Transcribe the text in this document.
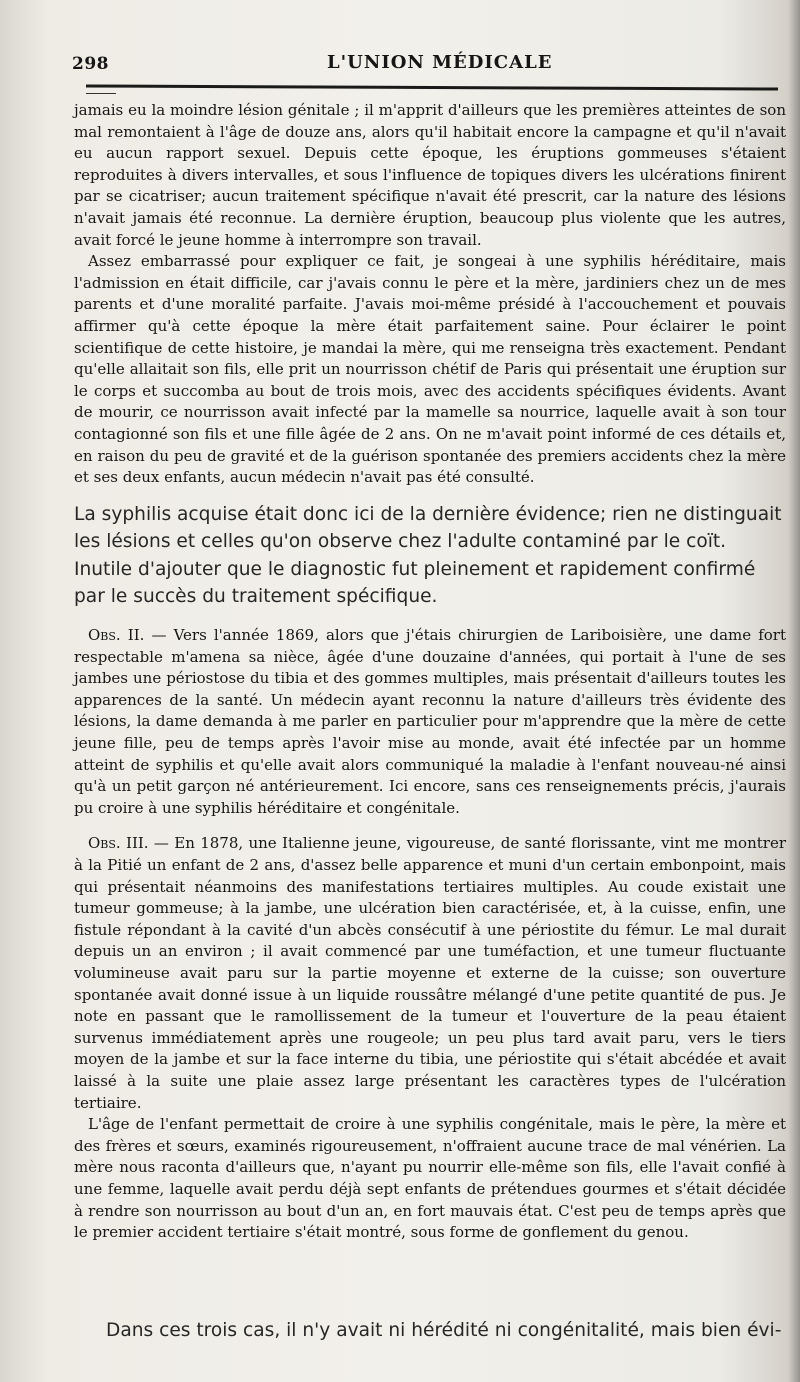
298	L'UNION MÉDICALE

jamais eu la moindre lésion génitale ; il m'apprit d'ailleurs que les premières atteintes de son mal remontaient à l'âge de douze ans, alors qu'il habitait encore la campagne et qu'il n'avait eu aucun rapport sexuel. Depuis cette époque, les éruptions gommeuses s'étaient reproduites à divers intervalles, et sous l'influence de topiques divers les ulcérations finirent par se cicatriser; aucun traitement spécifique n'avait été prescrit, car la nature des lésions n'avait jamais été reconnue. La dernière éruption, beaucoup plus violente que les autres, avait forcé le jeune homme à interrompre son travail.

Assez embarrassé pour expliquer ce fait, je songeai à une syphilis héréditaire, mais l'admission en était difficile, car j'avais connu le père et la mère, jardiniers chez un de mes parents et d'une moralité parfaite. J'avais moi-même présidé à l'accouchement et pouvais affirmer qu'à cette époque la mère était parfaitement saine. Pour éclairer le point scientifique de cette histoire, je mandai la mère, qui me renseigna très exactement. Pendant qu'elle allaitait son fils, elle prit un nourrisson chétif de Paris qui présentait une éruption sur le corps et succomba au bout de trois mois, avec des accidents spécifiques évidents. Avant de mourir, ce nourrisson avait infecté par la mamelle sa nourrice, laquelle avait à son tour contagionné son fils et une fille âgée de 2 ans. On ne m'avait point informé de ces détails et, en raison du peu de gravité et de la guérison spontanée des premiers accidents chez la mère et ses deux enfants, aucun médecin n'avait pas été consulté.

La syphilis acquise était donc ici de la dernière évidence; rien ne distinguait les lésions et celles qu'on observe chez l'adulte contaminé par le coït. Inutile d'ajouter que le diagnostic fut pleinement et rapidement confirmé par le succès du traitement spécifique.

Obs. II. — Vers l'année 1869, alors que j'étais chirurgien de Lariboisière, une dame fort respectable m'amena sa nièce, âgée d'une douzaine d'années, qui portait à l'une de ses jambes une périostose du tibia et des gommes multiples, mais présentait d'ailleurs toutes les apparences de la santé. Un médecin ayant reconnu la nature d'ailleurs très évidente des lésions, la dame demanda à me parler en particulier pour m'apprendre que la mère de cette jeune fille, peu de temps après l'avoir mise au monde, avait été infectée par un homme atteint de syphilis et qu'elle avait alors communiqué la maladie à l'enfant nouveau-né ainsi qu'à un petit garçon né antérieurement. Ici encore, sans ces renseignements précis, j'aurais pu croire à une syphilis héréditaire et congénitale.

Obs. III. — En 1878, une Italienne jeune, vigoureuse, de santé florissante, vint me montrer à la Pitié un enfant de 2 ans, d'assez belle apparence et muni d'un certain embonpoint, mais qui présentait néanmoins des manifestations tertiaires multiples. Au coude existait une tumeur gommeuse; à la jambe, une ulcération bien caractérisée, et, à la cuisse, enfin, une fistule répondant à la cavité d'un abcès consécutif à une périostite du fémur. Le mal durait depuis un an environ ; il avait commencé par une tuméfaction, et une tumeur fluctuante volumineuse avait paru sur la partie moyenne et externe de la cuisse; son ouverture spontanée avait donné issue à un liquide roussâtre mélangé d'une petite quantité de pus. Je note en passant que le ramollissement de la tumeur et l'ouverture de la peau étaient survenus immédiatement après une rougeole; un peu plus tard avait paru, vers le tiers moyen de la jambe et sur la face interne du tibia, une périostite qui s'était abcédée et avait laissé à la suite une plaie assez large présentant les caractères types de l'ulcération tertiaire.

L'âge de l'enfant permettait de croire à une syphilis congénitale, mais le père, la mère et des frères et sœurs, examinés rigoureusement, n'offraient aucune trace de mal vénérien. La mère nous raconta d'ailleurs que, n'ayant pu nourrir elle-même son fils, elle l'avait confié à une femme, laquelle avait perdu déjà sept enfants de prétendues gourmes et s'était décidée à rendre son nourrisson au bout d'un an, en fort mauvais état. C'est peu de temps après que le premier accident tertiaire s'était montré, sous forme de gonflement du genou.

Dans ces trois cas, il n'y avait ni hérédité ni congénitalité, mais bien évi-
